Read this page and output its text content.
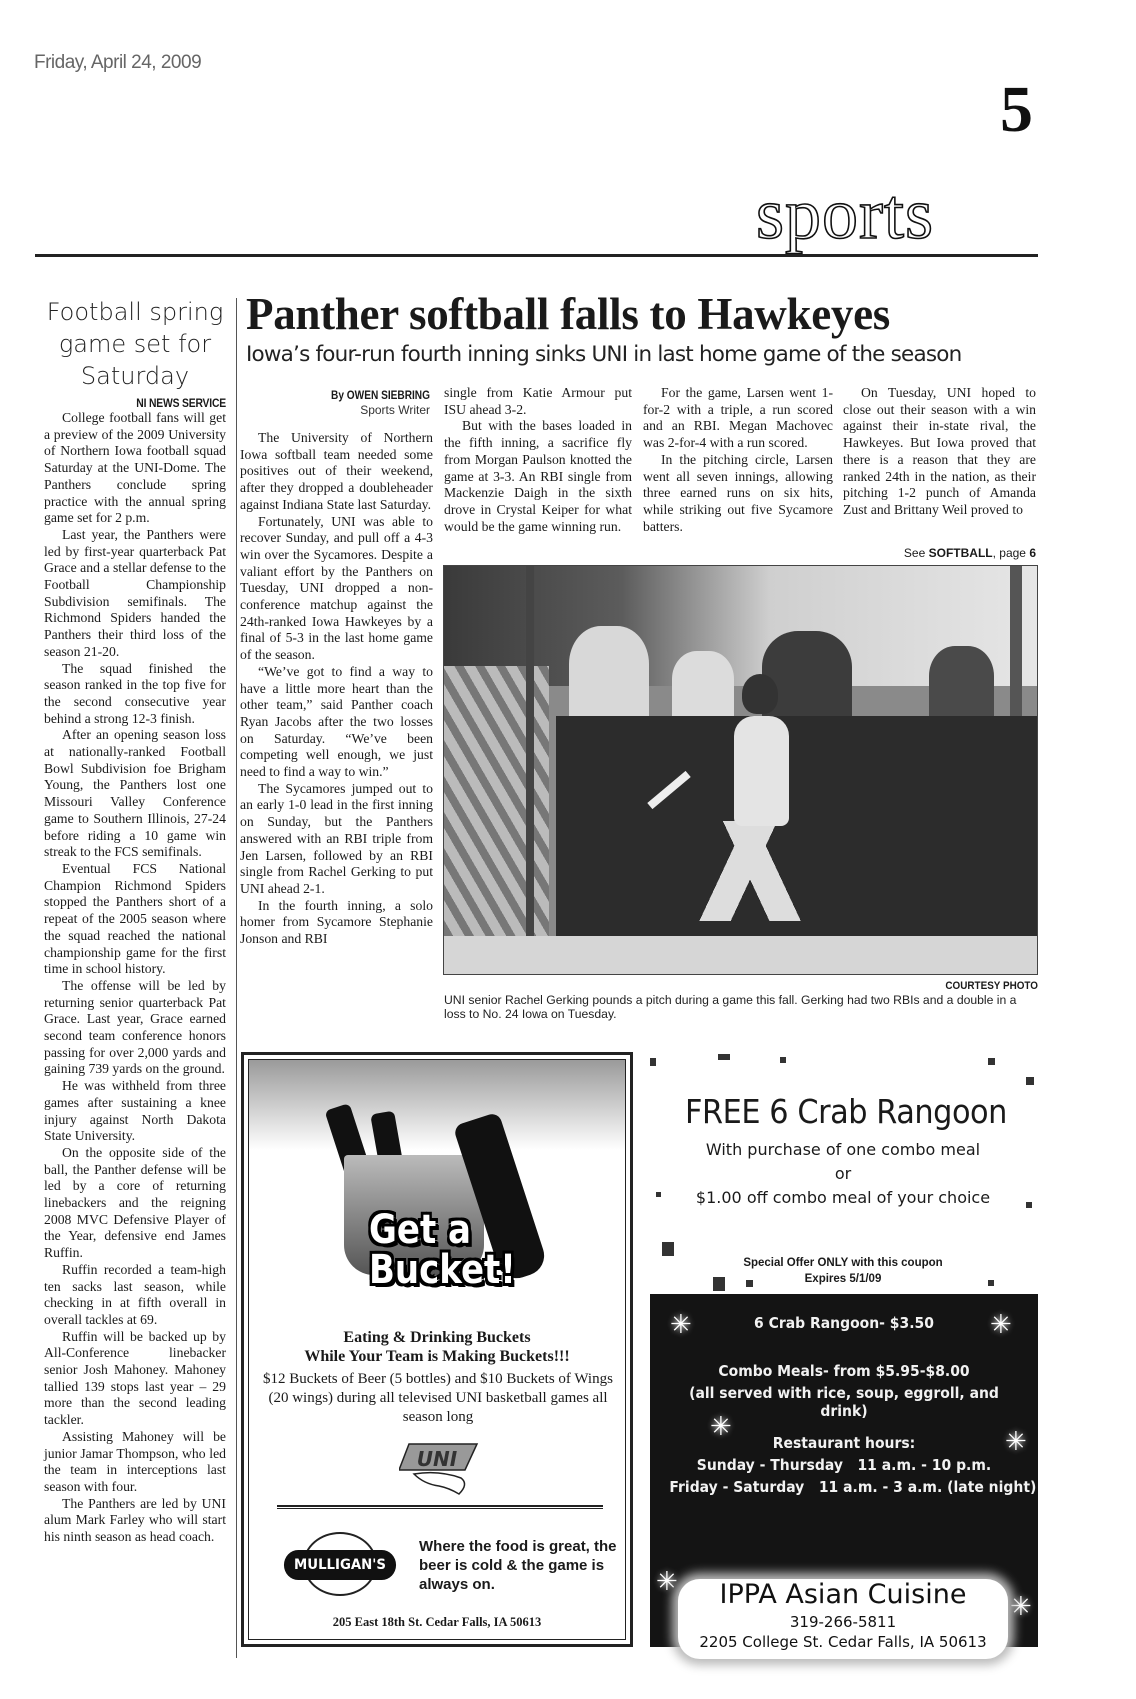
Friday, April 24, 2009
5
sports
Football spring game set for Saturday
NI NEWS SERVICE

College football fans will get a preview of the 2009 University of Northern Iowa football squad Saturday at the UNI-Dome. The Panthers conclude spring practice with the annual spring game set for 2 p.m.

Last year, the Panthers were led by first-year quarterback Pat Grace and a stellar defense to the Football Championship Subdivision semifinals. The Richmond Spiders handed the Panthers their third loss of the season 21-20.

The squad finished the season ranked in the top five for the second consecutive year behind a strong 12-3 finish.

After an opening season loss at nationally-ranked Football Bowl Subdivision foe Brigham Young, the Panthers lost one Missouri Valley Conference game to Southern Illinois, 27-24 before riding a 10 game win streak to the FCS semifinals.

Eventual FCS National Champion Richmond Spiders stopped the Panthers short of a repeat of the 2005 season where the squad reached the national championship game for the first time in school history.

The offense will be led by returning senior quarterback Pat Grace. Last year, Grace earned second team conference honors passing for over 2,000 yards and gaining 739 yards on the ground.

He was withheld from three games after sustaining a knee injury against North Dakota State University.

On the opposite side of the ball, the Panther defense will be led by a core of returning linebackers and the reigning 2008 MVC Defensive Player of the Year, defensive end James Ruffin.

Ruffin recorded a team-high ten sacks last season, while checking in at fifth overall in overall tackles at 69.

Ruffin will be backed up by All-Conference linebacker senior Josh Mahoney. Mahoney tallied 139 stops last year – 29 more than the second leading tackler.

Assisting Mahoney will be junior Jamar Thompson, who led the team in interceptions last season with four.

The Panthers are led by UNI alum Mark Farley who will start his ninth season as head coach.

Panther softball falls to Hawkeyes
Iowa’s four-run fourth inning sinks UNI in last home game of the season
By OWEN SIEBRING
Sports Writer

The University of Northern Iowa softball team needed some positives out of their weekend, after they dropped a doubleheader against Indiana State last Saturday.

Fortunately, UNI was able to recover Sunday, and pull off a 4-3 win over the Sycamores. Despite a valiant effort by the Panthers on Tuesday, UNI dropped a non-conference matchup against the 24th-ranked Iowa Hawkeyes by a final of 5-3 in the last home game of the season.

“We’ve got to find a way to have a little more heart than the other team,” said Panther coach Ryan Jacobs after the two losses on Saturday. “We’ve been competing well enough, we just need to find a way to win.”

The Sycamores jumped out to an early 1-0 lead in the first inning on Sunday, but the Panthers answered with an RBI triple from Jen Larsen, followed by an RBI single from Rachel Gerking to put UNI ahead 2-1.

In the fourth inning, a solo homer from Sycamore Stephanie Jonson and RBI

single from Katie Armour put ISU ahead 3-2.

But with the bases loaded in the fifth inning, a sacrifice fly from Morgan Paulson knotted the game at 3-3. An RBI single from Mackenzie Daigh in the sixth drove in Crystal Keiper for what would be the game winning run.

For the game, Larsen went 1-for-2 with a triple, a run scored and an RBI. Megan Machovec was 2-for-4 with a run scored.

In the pitching circle, Larsen went all seven innings, allowing three earned runs on six hits, while striking out five Sycamore batters.

On Tuesday, UNI hoped to close out their season with a win against their in-state rival, the Hawkeyes. But Iowa proved that there is a reason that they are ranked 24th in the nation, as their pitching 1-2 punch of Amanda Zust and Brittany Weil proved to

See SOFTBALL, page 6
COURTESY PHOTO
UNI senior Rachel Gerking pounds a pitch during a game this fall. Gerking had two RBIs and a double in a loss to No. 24 Iowa on Tuesday.
Get a
Bucket!
Eating & Drinking Buckets
While Your Team is Making Buckets!!!
$12 Buckets of Beer (5 bottles) and $10 Buckets of Wings (20 wings) during all televised UNI basketball games all season long
UNI
MULLIGAN'S
Where the food is great, the beer is cold & the game is always on.
205 East 18th St. Cedar Falls, IA 50613
FREE 6 Crab Rangoon
With purchase of one combo meal
or
$1.00 off combo meal of your choice
Special Offer ONLY with this coupon
Expires 5/1/09
✳	✳
✳	✳
✳
✳
6 Crab Rangoon- $3.50
Combo Meals- from $5.95-$8.00
(all served with rice, soup, eggroll, and drink)
Restaurant hours:
Sunday - Thursday   11 a.m. - 10 p.m.
Friday - Saturday   11 a.m. - 3 a.m. (late night)
IPPA Asian Cuisine
319-266-5811
2205 College St. Cedar Falls, IA 50613
